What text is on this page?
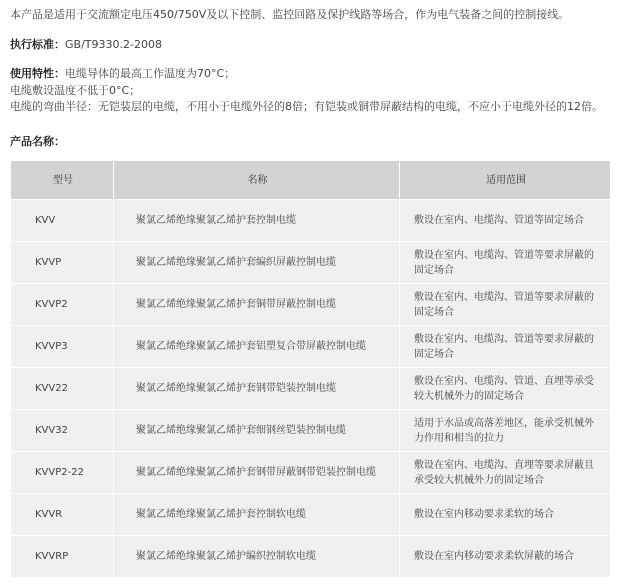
本产品是适用于交流额定电压450/750V及以下控制、监控回路及保护线路等场合，作为电气装备之间的控制接线。
执行标准：GB/T9330.2-2008
使用特性：电缆导体的最高工作温度为70°C；
电缆敷设温度不低于0°C；
电缆的弯曲半径：无铠装层的电缆，不用小于电缆外径的8倍；有铠装或铜带屏蔽结构的电缆，不应小于电缆外径的12倍。
产品名称：
型号	名称	适用范围
KVV	聚氯乙烯绝缘聚氯乙烯护套控制电缆	敷设在室内、电缆沟、管道等固定场合
KVVP	聚氯乙烯绝缘聚氯乙烯护套编织屏蔽控制电缆	敷设在室内、电缆沟、管道等要求屏蔽的固定场合
KVVP2	聚氯乙烯绝缘聚氯乙烯护套铜带屏蔽控制电缆	敷设在室内、电缆沟、管道等要求屏蔽的固定场合
KVVP3	聚氯乙烯绝缘聚氯乙烯护套铝塑复合带屏蔽控制电缆	敷设在室内、电缆沟、管道等要求屏蔽的固定场合
KVV22	聚氯乙烯绝缘聚氯乙烯护套钢带铠装控制电缆	敷设在室内、电缆沟、管道、直埋等承受较大机械外力的固定场合
KVV32	聚氯乙烯绝缘聚氯乙烯护套细钢丝铠装控制电缆	适用于水品或高落差地区，能承受机械外力作用和相当的拉力
KVVP2-22	聚氯乙烯绝缘聚氯乙烯护套钢带屏蔽钢带铠装控制电缆	敷设在室内、电缆沟、直埋等要求屏蔽且承受较大机械外力的固定场合
KVVR	聚氯乙烯绝缘聚氯乙烯护套控制软电缆	敷设在室内移动要求柔软的场合
KVVRP	聚氯乙烯绝缘聚氯乙烯护编织控制软电缆	敷设在室内移动要求柔软屏蔽的场合
